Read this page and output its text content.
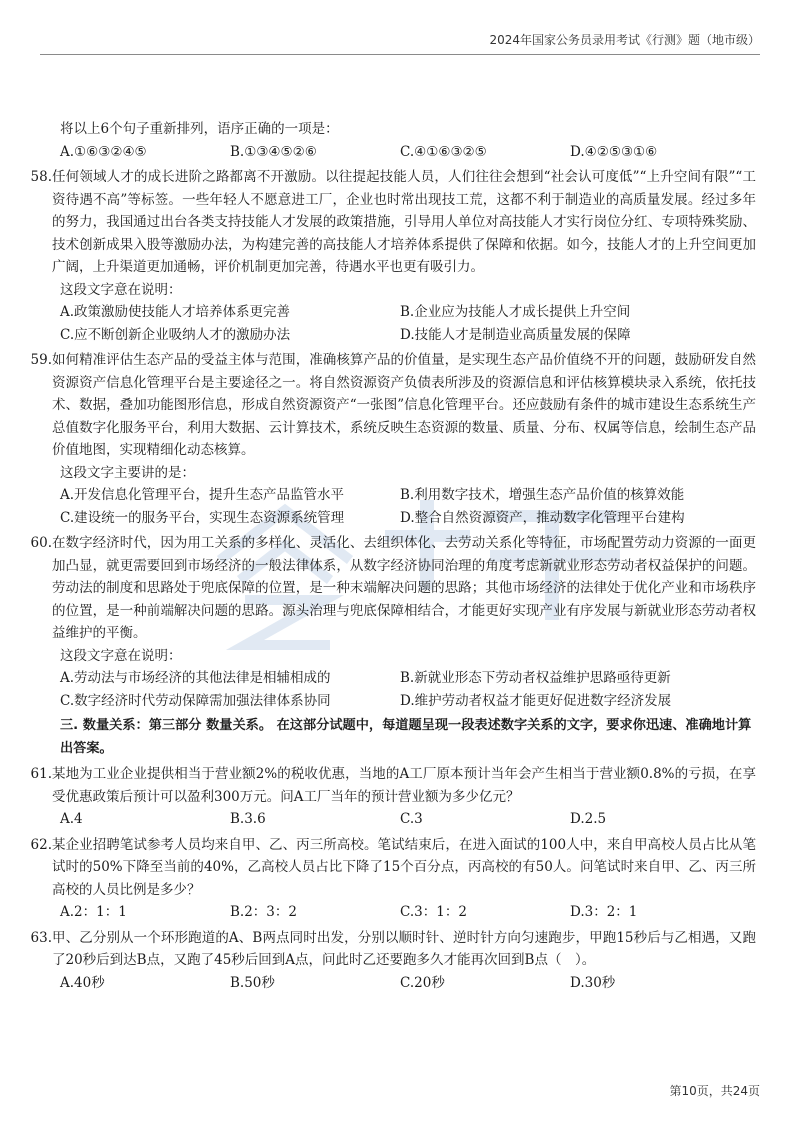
2024年国家公务员录用考试《行测》题（地市级）
将以上6个句子重新排列，语序正确的一项是：
A.①⑥③②④⑤	B.①③④⑤②⑥	C.④①⑥③②⑤	D.④②⑤③①⑥
58. 任何领域人才的成长进阶之路都离不开激励。以往提起技能人员，人们往往会想到“社会认可度低”“上升空间有限”“工资待遇不高”等标签。一些年轻人不愿意进工厂，企业也时常出现技工荒，这都不利于制造业的高质量发展。经过多年的努力，我国通过出台各类支持技能人才发展的政策措施，引导用人单位对高技能人才实行岗位分红、专项特殊奖励、技术创新成果入股等激励办法，为构建完善的高技能人才培养体系提供了保障和依据。如今，技能人才的上升空间更加广阔，上升渠道更加通畅，评价机制更加完善，待遇水平也更有吸引力。
这段文字意在说明：
A.政策激励使技能人才培养体系更完善	B.企业应为技能人才成长提供上升空间
C.应不断创新企业吸纳人才的激励办法	D.技能人才是制造业高质量发展的保障
59. 如何精准评估生态产品的受益主体与范围，准确核算产品的价值量，是实现生态产品价值绕不开的问题，鼓励研发自然资源资产信息化管理平台是主要途径之一。将自然资源资产负债表所涉及的资源信息和评估核算模块录入系统，依托技术、数据，叠加功能图形信息，形成自然资源资产“一张图”信息化管理平台。还应鼓励有条件的城市建设生态系统生产总值数字化服务平台，利用大数据、云计算技术，系统反映生态资源的数量、质量、分布、权属等信息，绘制生态产品价值地图，实现精细化动态核算。
这段文字主要讲的是：
A.开发信息化管理平台，提升生态产品监管水平	B.利用数字技术，增强生态产品价值的核算效能
C.建设统一的服务平台，实现生态资源系统管理	D.整合自然资源资产，推动数字化管理平台建构
60. 在数字经济时代，因为用工关系的多样化、灵活化、去组织体化、去劳动关系化等特征，市场配置劳动力资源的一面更加凸显，就更需要回到市场经济的一般法律体系，从数字经济协同治理的角度考虑新就业形态劳动者权益保护的问题。劳动法的制度和思路处于兜底保障的位置，是一种末端解决问题的思路；其他市场经济的法律处于优化产业和市场秩序的位置，是一种前端解决问题的思路。源头治理与兜底保障相结合，才能更好实现产业有序发展与新就业形态劳动者权益维护的平衡。
这段文字意在说明：
A.劳动法与市场经济的其他法律是相辅相成的	B.新就业形态下劳动者权益维护思路亟待更新
C.数字经济时代劳动保障需加强法律体系协同	D.维护劳动者权益才能更好促进数字经济发展
三. 数量关系：第三部分 数量关系。 在这部分试题中，每道题呈现一段表述数字关系的文字，要求你迅速、准确地计算出答案。
61. 某地为工业企业提供相当于营业额2%的税收优惠，当地的A工厂原本预计当年会产生相当于营业额0.8%的亏损，在享受优惠政策后预计可以盈利300万元。问A工厂当年的预计营业额为多少亿元？
A.4	B.3.6	C.3	D.2.5
62. 某企业招聘笔试参考人员均来自甲、乙、丙三所高校。笔试结束后，在进入面试的100人中，来自甲高校人员占比从笔试时的50%下降至当前的40%，乙高校人员占比下降了15个百分点，丙高校的有50人。问笔试时来自甲、乙、丙三所高校的人员比例是多少？
A.2：1：1	B.2：3：2	C.3：1：2	D.3：2：1
63. 甲、乙分别从一个环形跑道的A、B两点同时出发，分别以顺时针、逆时针方向匀速跑步，甲跑15秒后与乙相遇，又跑了20秒后到达B点，又跑了45秒后回到A点，问此时乙还要跑多久才能再次回到B点（　）。
A.40秒	B.50秒	C.20秒	D.30秒
第10页，共24页
